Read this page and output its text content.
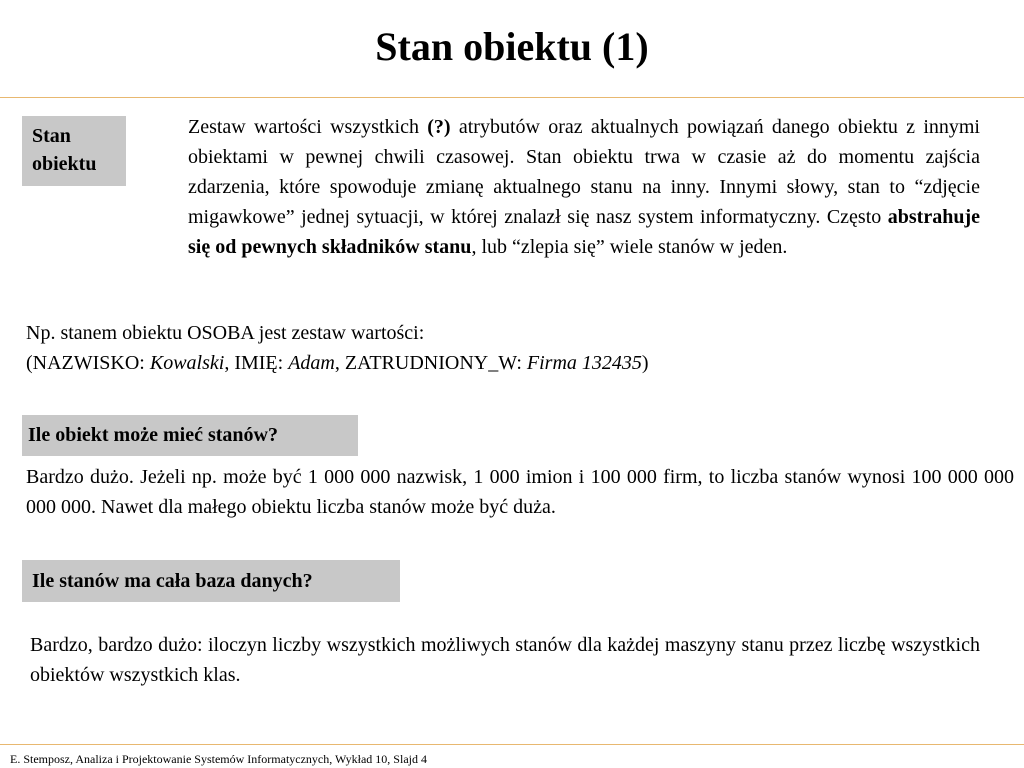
Stan obiektu (1)
Stan
obiektu
Zestaw wartości wszystkich (?) atrybutów oraz aktualnych powiązań danego obiektu z innymi obiektami w pewnej chwili czasowej. Stan obiektu trwa w czasie aż do momentu zajścia zdarzenia, które spowoduje zmianę aktualnego stanu na inny. Innymi słowy, stan to “zdjęcie migawkowe” jednej sytuacji, w której znalazł się nasz system informatyczny. Często abstrahuje się od pewnych składników stanu, lub “zlepia się” wiele stanów w jeden.
Np. stanem obiektu OSOBA jest zestaw wartości:
(NAZWISKO: Kowalski, IMIĘ: Adam, ZATRUDNIONY_W: Firma 132435)
Ile obiekt może mieć stanów?
Bardzo dużo. Jeżeli np. może być 1 000 000 nazwisk, 1 000 imion i 100 000 firm, to liczba stanów wynosi 100 000 000 000 000. Nawet dla małego obiektu liczba stanów może być duża.
Ile stanów ma cała baza danych?
Bardzo, bardzo dużo: iloczyn liczby wszystkich możliwych stanów dla każdej maszyny stanu przez liczbę wszystkich obiektów wszystkich klas.
E. Stemposz, Analiza i Projektowanie Systemów Informatycznych, Wykład 10, Slajd 4
